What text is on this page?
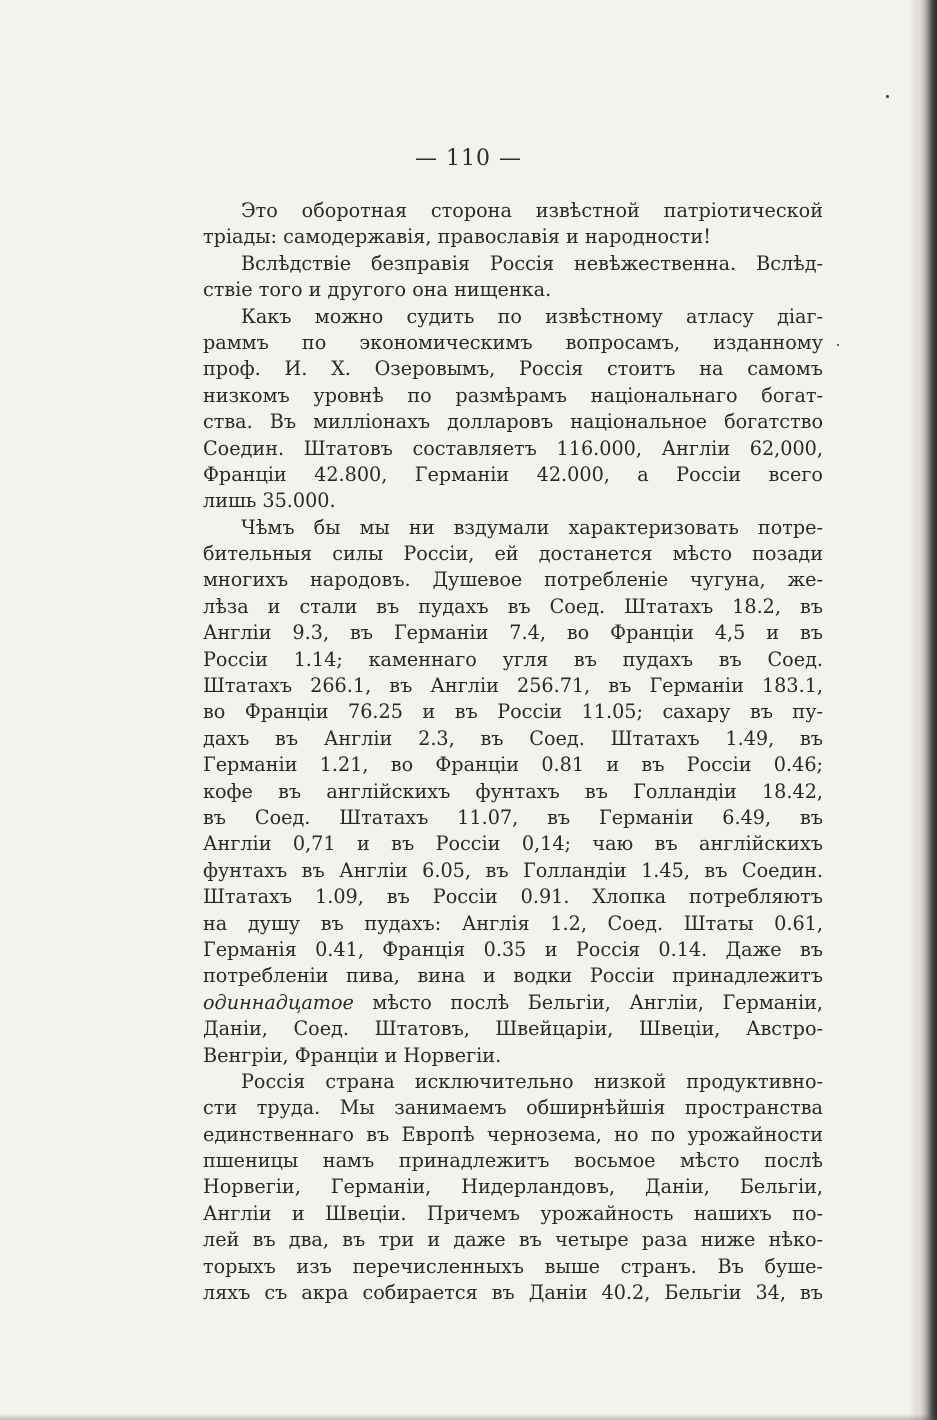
— 110 —
Это оборотная сторона извѣстной патріотической
тріады: самодержавія, православія и народности!
Вслѣдствіе безправія Россія невѣжественна. Вслѣд-
ствіе того и другого она нищенка.
Какъ можно судить по извѣстному атласу діаг-
раммъ по экономическимъ вопросамъ, изданному
проф. И. Х. Озеровымъ, Россія стоитъ на самомъ
низкомъ уровнѣ по размѣрамъ національнаго богат-
ства. Въ милліонахъ долларовъ національное богатство
Соедин. Штатовъ составляетъ 116.000, Англіи 62,000,
Франціи 42.800, Германіи 42.000, а Россіи всего
лишь 35.000.
Чѣмъ бы мы ни вздумали характеризовать потре-
бительныя силы Россіи, ей достанется мѣсто позади
многихъ народовъ. Душевое потребленіе чугуна, же-
лѣза и стали въ пудахъ въ Соед. Штатахъ 18.2, въ
Англіи 9.3, въ Германіи 7.4, во Франціи 4,5 и въ
Россіи 1.14; каменнаго угля въ пудахъ въ Соед.
Штатахъ 266.1, въ Англіи 256.71, въ Германіи 183.1,
во Франціи 76.25 и въ Россіи 11.05; сахару въ пу-
дахъ въ Англіи 2.3, въ Соед. Штатахъ 1.49, въ
Германіи 1.21, во Франціи 0.81 и въ Россіи 0.46;
кофе въ англійскихъ фунтахъ въ Голландіи 18.42,
въ Соед. Штатахъ 11.07, въ Германіи 6.49, въ
Англіи 0,71 и въ Россіи 0,14; чаю въ англійскихъ
фунтахъ въ Англіи 6.05, въ Голландіи 1.45, въ Соедин.
Штатахъ 1.09, въ Россіи 0.91. Хлопка потребляютъ
на душу въ пудахъ: Англія 1.2, Соед. Штаты 0.61,
Германія 0.41, Франція 0.35 и Россія 0.14. Даже въ
потребленіи пива, вина и водки Россіи принадлежитъ
одиннадцатое мѣсто послѣ Бельгіи, Англіи, Германіи,
Даніи, Соед. Штатовъ, Швейцаріи, Швеціи, Австро-
Венгріи, Франціи и Норвегіи.
Россія страна исключительно низкой продуктивно-
сти труда. Мы занимаемъ обширнѣйшія пространства
единственнаго въ Европѣ чернозема, но по урожайности
пшеницы намъ принадлежитъ восьмое мѣсто послѣ
Норвегіи, Германіи, Нидерландовъ, Даніи, Бельгіи,
Англіи и Швеціи. Причемъ урожайность нашихъ по-
лей въ два, въ три и даже въ четыре раза ниже нѣко-
торыхъ изъ перечисленныхъ выше странъ. Въ буше-
ляхъ съ акра собирается въ Даніи 40.2, Бельгіи 34, въ
